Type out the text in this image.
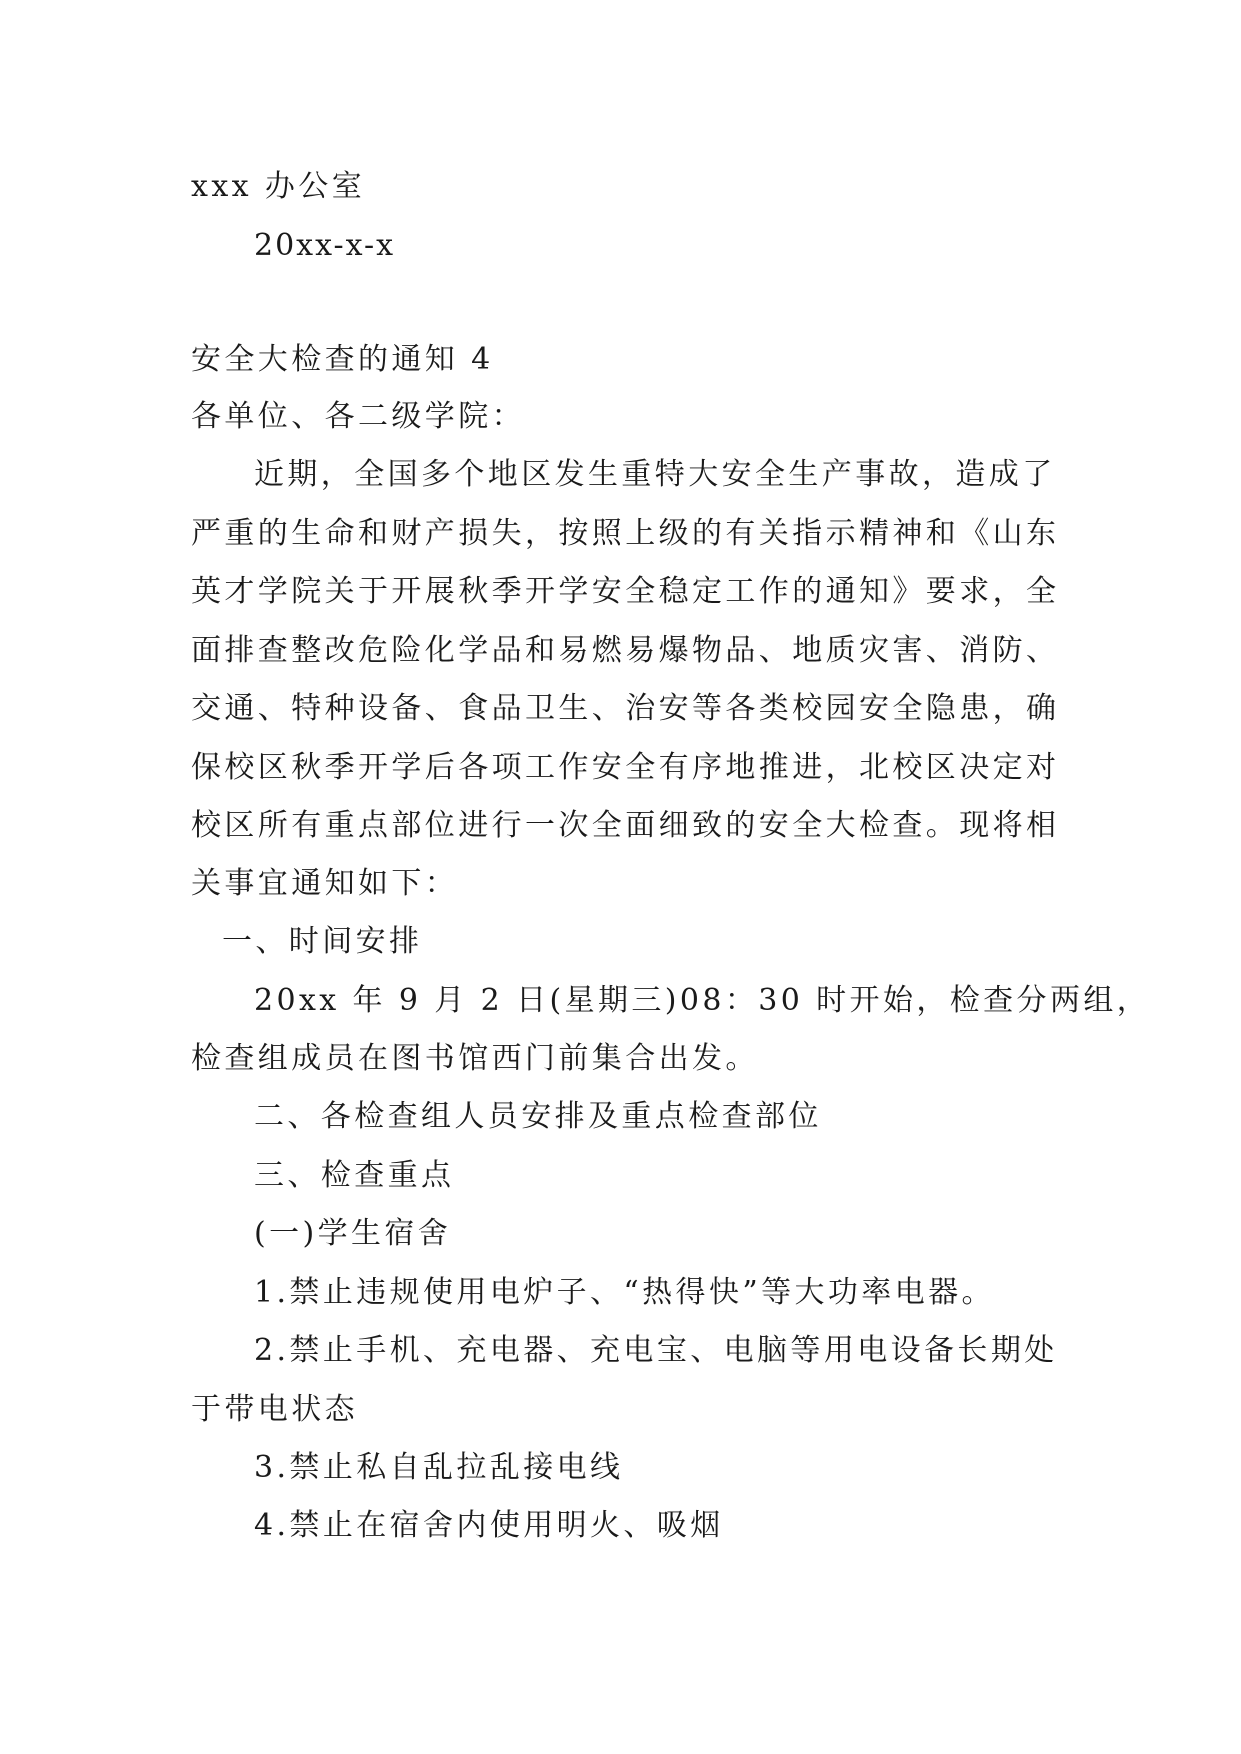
xxx 办公室
20xx-x-x
安全大检查的通知 4
各单位、各二级学院：
近期，全国多个地区发生重特大安全生产事故，造成了
严重的生命和财产损失，按照上级的有关指示精神和《山东
英才学院关于开展秋季开学安全稳定工作的通知》要求，全
面排查整改危险化学品和易燃易爆物品、地质灾害、消防、
交通、特种设备、食品卫生、治安等各类校园安全隐患，确
保校区秋季开学后各项工作安全有序地推进，北校区决定对
校区所有重点部位进行一次全面细致的安全大检查。现将相
关事宜通知如下：
一、时间安排
20xx 年 9 月 2 日(星期三)08：30 时开始，检查分两组，
检查组成员在图书馆西门前集合出发。
二、各检查组人员安排及重点检查部位
三、检查重点
(一)学生宿舍
1.禁止违规使用电炉子、“热得快”等大功率电器。
2.禁止手机、充电器、充电宝、电脑等用电设备长期处
于带电状态
3.禁止私自乱拉乱接电线
4.禁止在宿舍内使用明火、吸烟
